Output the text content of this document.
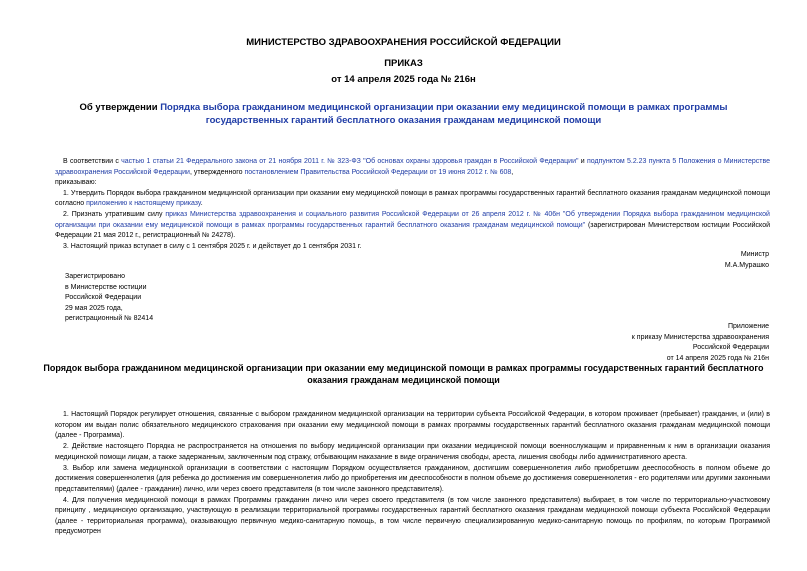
МИНИСТЕРСТВО ЗДРАВООХРАНЕНИЯ РОССИЙСКОЙ ФЕДЕРАЦИИ
ПРИКАЗ
от 14 апреля 2025 года № 216н
Об утверждении Порядка выбора гражданином медицинской организации при оказании ему медицинской помощи в рамках программы государственных гарантий бесплатного оказания гражданам медицинской помощи

В соответствии с частью 1 статьи 21 Федерального закона от 21 ноября 2011 г. № 323-ФЗ "Об основах охраны здоровья граждан в Российской Федерации" и подпунктом 5.2.23 пункта 5 Положения о Министерстве здравоохранения Российской Федерации, утвержденного постановлением Правительства Российской Федерации от 19 июня 2012 г. № 608,

приказываю:

1. Утвердить Порядок выбора гражданином медицинской организации при оказании ему медицинской помощи в рамках программы государственных гарантий бесплатного оказания гражданам медицинской помощи согласно приложению к настоящему приказу.

2. Признать утратившим силу приказ Министерства здравоохранения и социального развития Российской Федерации от 26 апреля 2012 г. № 406н "Об утверждении Порядка выбора гражданином медицинской организации при оказании ему медицинской помощи в рамках программы государственных гарантий бесплатного оказания гражданам медицинской помощи" (зарегистрирован Министерством юстиции Российской Федерации 21 мая 2012 г., регистрационный № 24278).

3. Настоящий приказ вступает в силу с 1 сентября 2025 г. и действует до 1 сентября 2031 г.

Министр
М.А.Мурашко
Зарегистрировано
в Министерстве юстиции
Российской Федерации
29 мая 2025 года,
регистрационный № 82414
Приложение
к приказу Министерства здравоохранения
Российской Федерации
от 14 апреля 2025 года № 216н
Порядок выбора гражданином медицинской организации при оказании ему медицинской помощи в рамках программы государственных гарантий бесплатного оказания гражданам медицинской помощи

1. Настоящий Порядок регулирует отношения, связанные с выбором гражданином медицинской организации на территории субъекта Российской Федерации, в котором проживает (пребывает) гражданин, и (или) в котором им выдан полис обязательного медицинского страхования при оказании ему медицинской помощи в рамках программы государственных гарантий бесплатного оказания гражданам медицинской помощи (далее - Программа).

2. Действие настоящего Порядка не распространяется на отношения по выбору медицинской организации при оказании медицинской помощи военнослужащим и приравненным к ним в организации оказания медицинской помощи лицам, а также задержанным, заключенным под стражу, отбывающим наказание в виде ограничения свободы, ареста, лишения свободы либо административного ареста.

3. Выбор или замена медицинской организации в соответствии с настоящим Порядком осуществляется гражданином, достигшим совершеннолетия либо приобретшим дееспособность в полном объеме до достижения совершеннолетия (для ребенка до достижения им совершеннолетия либо до приобретения им дееспособности в полном объеме до достижения совершеннолетия - его родителями или другими законными представителями) (далее - гражданин) лично, или через своего представителя (в том числе законного представителя).

4. Для получения медицинской помощи в рамках Программы гражданин лично или через своего представителя (в том числе законного представителя) выбирает, в том числе по территориально-участковому принципу , медицинскую организацию, участвующую в реализации территориальной программы государственных гарантий бесплатного оказания гражданам медицинской помощи субъекта Российской Федерации (далее - территориальная программа), оказывающую первичную медико-санитарную помощь, в том числе первичную специализированную медико-санитарную помощь по профилям, по которым Программой предусмотрен
